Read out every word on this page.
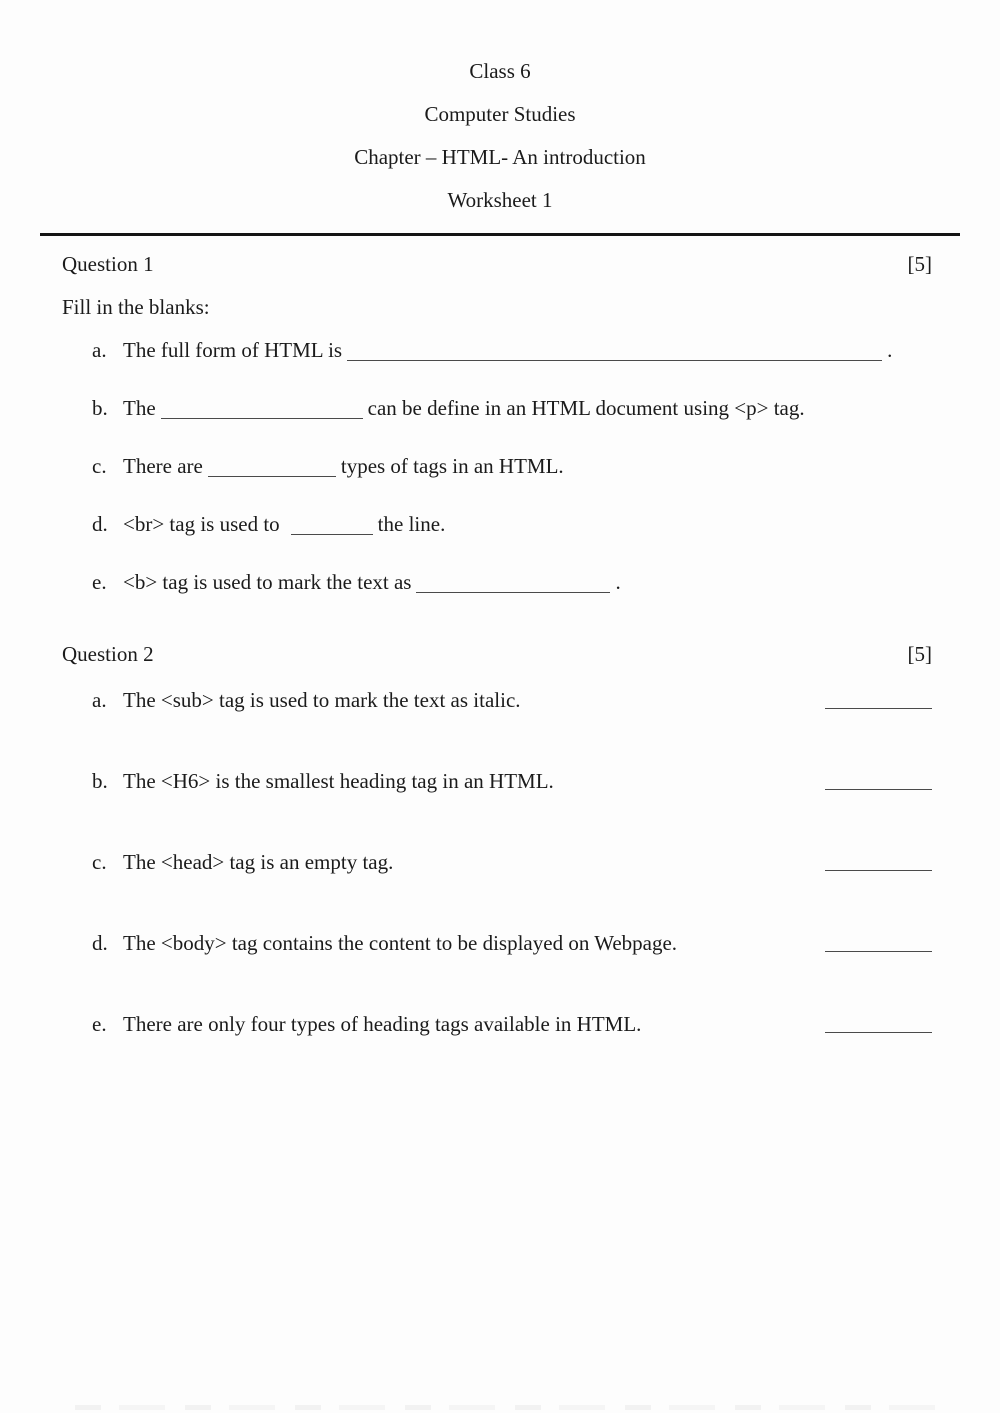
Class 6
Computer Studies
Chapter – HTML- An introduction
Worksheet 1
Question 1	[5]
Fill in the blanks:
a. The full form of HTML is	.
b. The	can be define in an HTML document using <p> tag.
c. There are	types of tags in an HTML.
d. <br> tag is used to	the line.
e. <b> tag is used to mark the text as	.
Question 2	[5]
a. The <sub> tag is used to mark the text as italic.
b. The <H6> is the smallest heading tag in an HTML.
c. The <head> tag is an empty tag.
d. The <body> tag contains the content to be displayed on Webpage.
e. There are only four types of heading tags available in HTML.
